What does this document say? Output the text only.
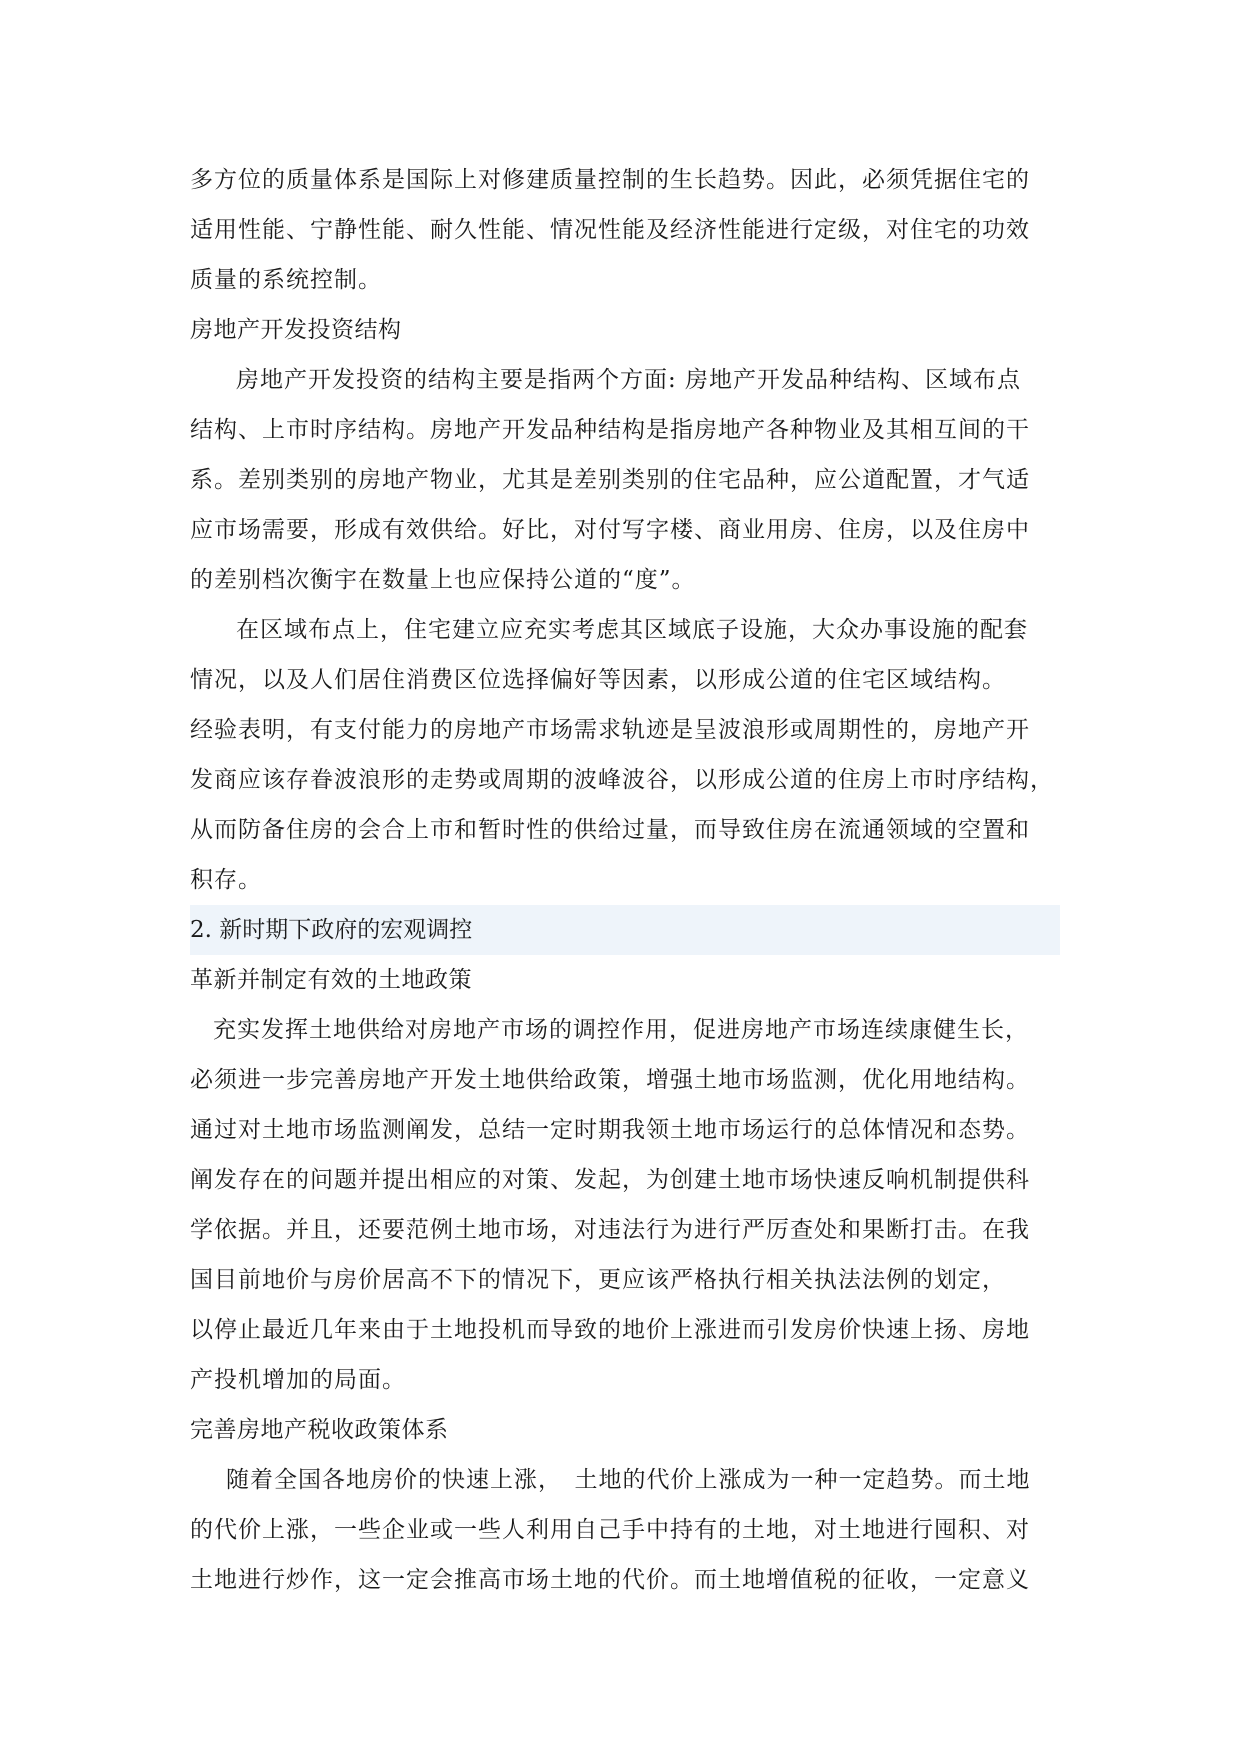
多方位的质量体系是国际上对修建质量控制的生长趋势。因此，必须凭据住宅的
适用性能、宁静性能、耐久性能、情况性能及经济性能进行定级，对住宅的功效
质量的系统控制。
房地产开发投资结构
房地产开发投资的结构主要是指两个方面: 房地产开发品种结构、区域布点
结构、上市时序结构。房地产开发品种结构是指房地产各种物业及其相互间的干
系。差别类别的房地产物业，尤其是差别类别的住宅品种，应公道配置，才气适
应市场需要，形成有效供给。好比，对付写字楼、商业用房、住房，以及住房中
的差别档次衡宇在数量上也应保持公道的“度”。
在区域布点上，住宅建立应充实考虑其区域底子设施，大众办事设施的配套
情况，以及人们居住消费区位选择偏好等因素，以形成公道的住宅区域结构。
经验表明，有支付能力的房地产市场需求轨迹是呈波浪形或周期性的，房地产开
发商应该存眷波浪形的走势或周期的波峰波谷，以形成公道的住房上市时序结构，
从而防备住房的会合上市和暂时性的供给过量，而导致住房在流通领域的空置和
积存。
2. 新时期下政府的宏观调控
革新并制定有效的土地政策
充实发挥土地供给对房地产市场的调控作用，促进房地产市场连续康健生长，
必须进一步完善房地产开发土地供给政策，增强土地市场监测，优化用地结构。
通过对土地市场监测阐发，总结一定时期我领土地市场运行的总体情况和态势。
阐发存在的问题并提出相应的对策、发起，为创建土地市场快速反响机制提供科
学依据。并且，还要范例土地市场，对违法行为进行严厉查处和果断打击。在我
国目前地价与房价居高不下的情况下，更应该严格执行相关执法法例的划定，
以停止最近几年来由于土地投机而导致的地价上涨进而引发房价快速上扬、房地
产投机增加的局面。
完善房地产税收政策体系
随着全国各地房价的快速上涨，　土地的代价上涨成为一种一定趋势。而土地
的代价上涨，一些企业或一些人利用自己手中持有的土地，对土地进行囤积、对
土地进行炒作，这一定会推高市场土地的代价。而土地增值税的征收，一定意义
